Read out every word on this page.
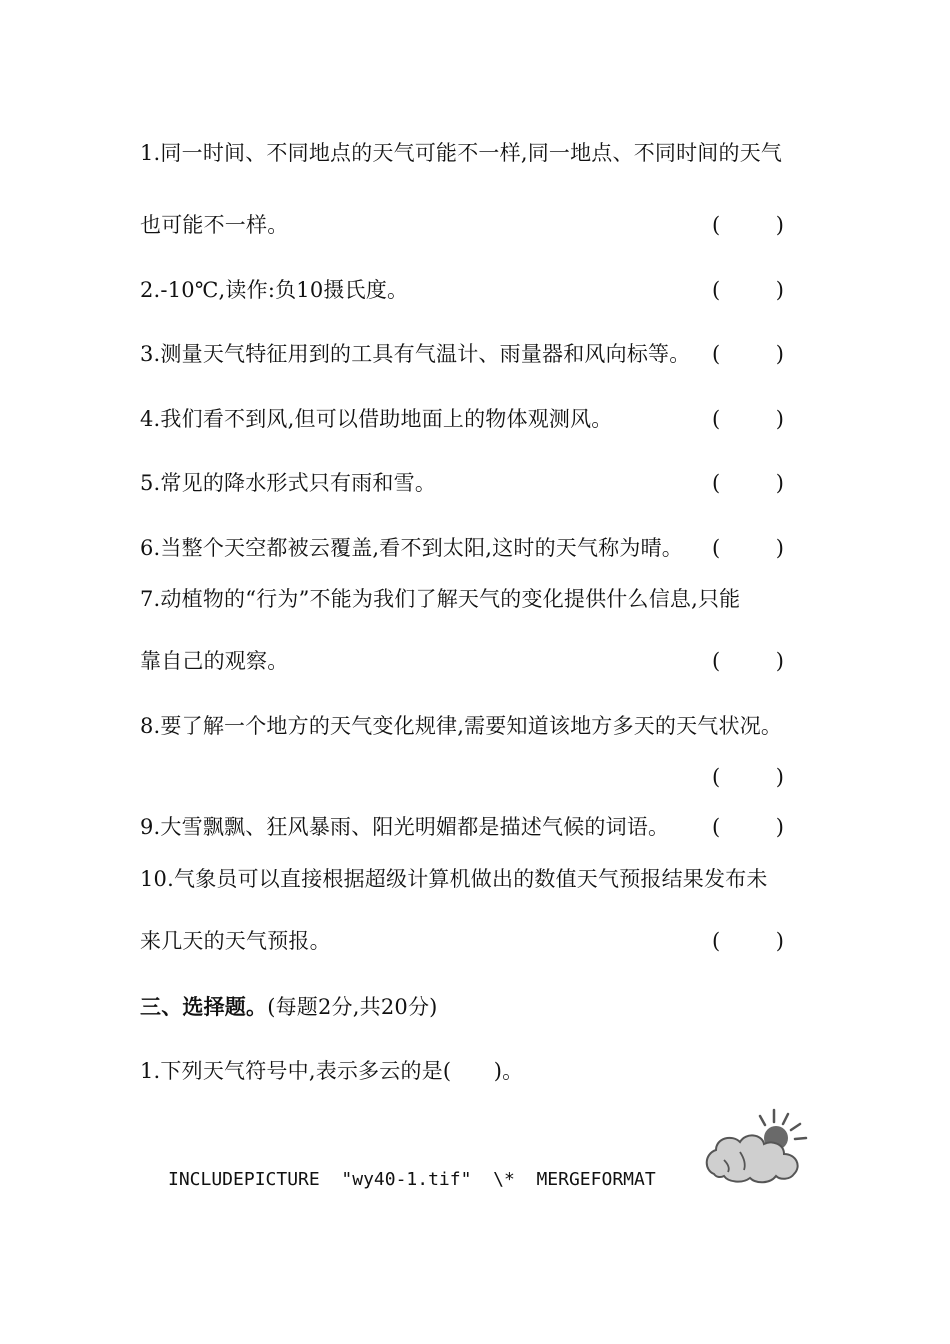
1.同一时间、不同地点的天气可能不一样,同一地点、不同时间的天气
也可能不一样。	(	)
2.-10℃,读作:负10摄氏度。	(	)
3.测量天气特征用到的工具有气温计、雨量器和风向标等。 (	)
4.我们看不到风,但可以借助地面上的物体观测风。	(	)
5.常见的降水形式只有雨和雪。	(	)
6.当整个天空都被云覆盖,看不到太阳,这时的天气称为晴。 (	)
7.动植物的“行为”不能为我们了解天气的变化提供什么信息,只能
靠自己的观察。	(	)
8.要了解一个地方的天气变化规律,需要知道该地方多天的天气状况。
(	)
9.大雪飘飘、狂风暴雨、阳光明媚都是描述气候的词语。 (	)
10.气象员可以直接根据超级计算机做出的数值天气预报结果发布未
来几天的天气预报。	(	)
三、选择题。(每题2分,共20分)
1.下列天气符号中,表示多云的是(　　)。
INCLUDEPICTURE  "wy40-1.tif"  \*  MERGEFORMAT
